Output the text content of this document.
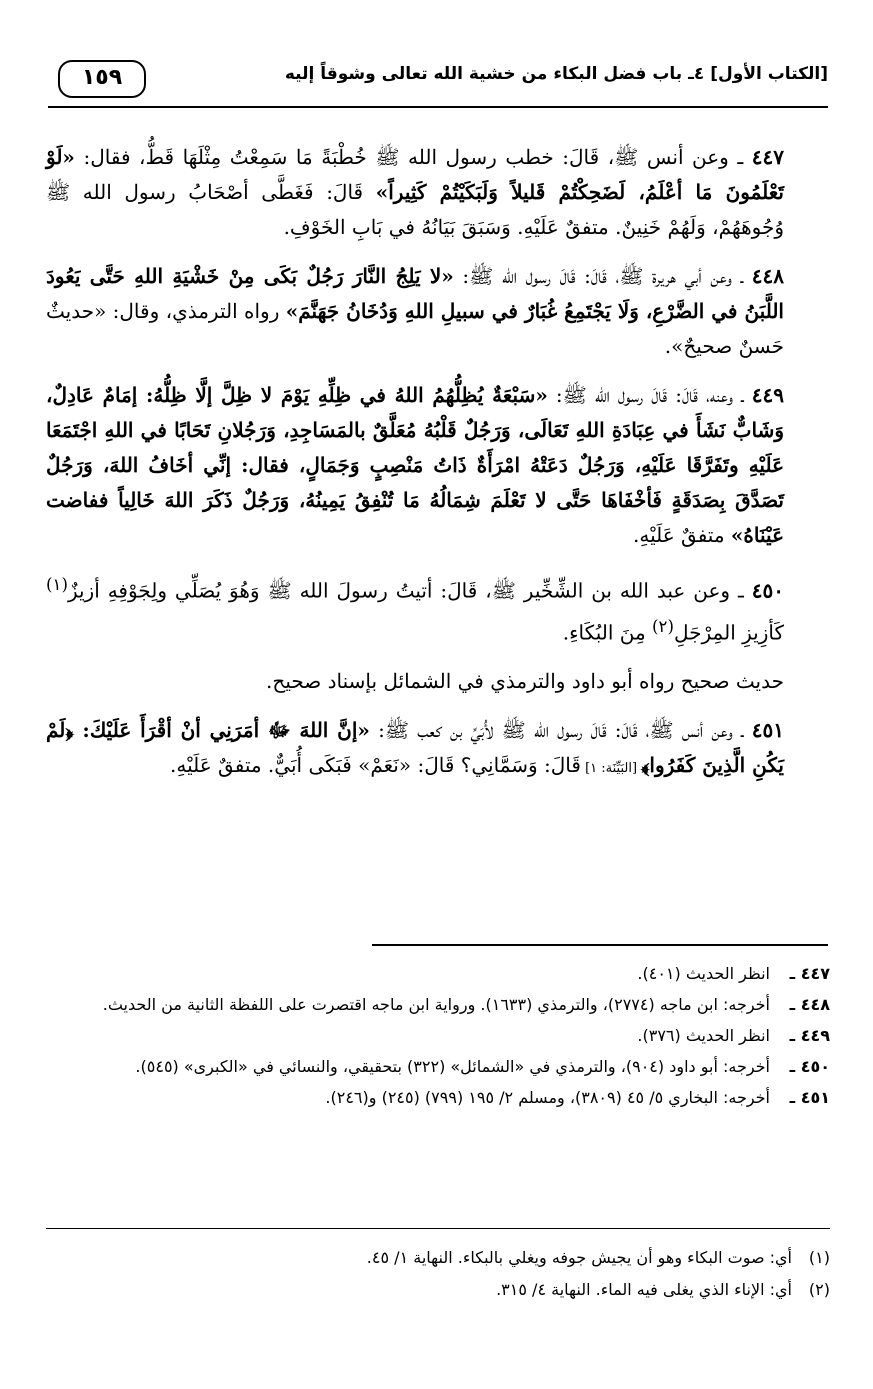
١٥٩	[الكتاب الأول] ٤ـ باب فضل البكاء من خشية الله تعالى وشوقاً إليه

٤٤٧ ـ وعن أنس ﷺ، قَالَ: خطب رسول الله ﷺ خُطْبَةً مَا سَمِعْتُ مِثْلَهَا قَطُّ، فقال: «لَوْ تَعْلَمُونَ مَا أعْلَمُ، لَضَحِكْتُمْ قَليلاً وَلَبَكَيْتُمْ كَثِيراً» قَالَ: فَغَطَّى أصْحَابُ رسول الله ﷺ وُجُوهَهُمْ، وَلَهُمْ خَنِينٌ. متفقٌ عَلَيْهِ. وَسَبَقَ بَيَانُهُ في بَابِ الخَوْفِ.

٤٤٨ ـ وعن أبي هريرة ﷺ، قَالَ: قَالَ رسول الله ﷺ: «لا يَلِجُ النَّارَ رَجُلٌ بَكَى مِنْ خَشْيَةِ اللهِ حَتَّى يَعُودَ اللَّبَنُ في الضَّرْعِ، وَلَا يَجْتَمِعُ غُبَارٌ في سبيلِ اللهِ وَدُخَانُ جَهَنَّمَ» رواه الترمذي، وقال: «حديثٌ حَسنٌ صحيحٌ».

٤٤٩ ـ وعنه، قَالَ: قَالَ رسول الله ﷺ: «سَبْعَةٌ يُظِلُّهُمُ اللهُ في ظِلِّهِ يَوْمَ لا ظِلَّ إلَّا ظِلُّهُ: إمَامٌ عَادِلٌ، وَشَابٌّ نَشَأَ في عِبَادَةِ اللهِ تَعَالَى، وَرَجُلٌ قَلْبُهُ مُعَلَّقٌ بالمَسَاجِدِ، وَرَجُلانِ تَحَابًا في اللهِ اجْتَمَعَا عَلَيْهِ وتَفَرَّقَا عَلَيْهِ، وَرَجُلٌ دَعَتْهُ امْرَأَةٌ ذَاتُ مَنْصِبٍ وَجَمَالٍ، فقال: إنِّي أخَافُ اللهَ، وَرَجُلٌ تَصَدَّقَ بِصَدَقَةٍ فَأخْفَاهَا حَتَّى لا تَعْلَمَ شِمَالُهُ مَا تُنْفِقُ يَمِينُهُ، وَرَجُلٌ ذَكَرَ اللهَ خَالِياً ففاضت عَيْنَاهُ» متفقٌ عَلَيْهِ.

٤٥٠ ـ وعن عبد الله بن الشِّخِّير ﷺ، قَالَ: أتيتُ رسولَ الله ﷺ وَهُوَ يُصَلِّي ولِجَوْفِهِ أزيزٌ$^{(١)}$ كَأزِيزِ المِرْجَلِ$^{(٢)}$ مِنَ البُكَاءِ.

حديث صحيح رواه أبو داود والترمذي في الشمائل بإسناد صحيح.

٤٥١ ـ وعن أنس ﷺ، قَالَ: قَالَ رسول الله ﷺ لأُبَيِّ بن كعب ﷺ: «إنَّ اللهَ ﷻ أمَرَنِي أنْ أقْرَأَ عَلَيْكَ: ﴿لَمْ يَكُنِ الَّذِينَ كَفَرُوا﴾ [البَيِّنَة: ١] قَالَ: وَسَمَّانِي؟ قَالَ: «نَعَمْ» فَبَكَى أُبَيٌّ. متفقٌ عَلَيْهِ.

٤٤٧ ـ
انظر الحديث (٤٠١).
٤٤٨ ـ
أخرجه: ابن ماجه (٢٧٧٤)، والترمذي (١٦٣٣). ورواية ابن ماجه اقتصرت على اللفظة الثانية من الحديث.
٤٤٩ ـ
انظر الحديث (٣٧٦).
٤٥٠ ـ
أخرجه: أبو داود (٩٠٤)، والترمذي في «الشمائل» (٣٢٢) بتحقيقي، والنسائي في «الكبرى» (٥٤٥).
٤٥١ ـ
أخرجه: البخاري ٥/ ٤٥ (٣٨٠٩)، ومسلم ٢/ ١٩٥ (٧٩٩) (٢٤٥) و(٢٤٦).
(١)
أي: صوت البكاء وهو أن يجيش جوفه ويغلي بالبكاء. النهاية ١/ ٤٥.
(٢)
أي: الإناء الذي يغلى فيه الماء. النهاية ٤/ ٣١٥.
